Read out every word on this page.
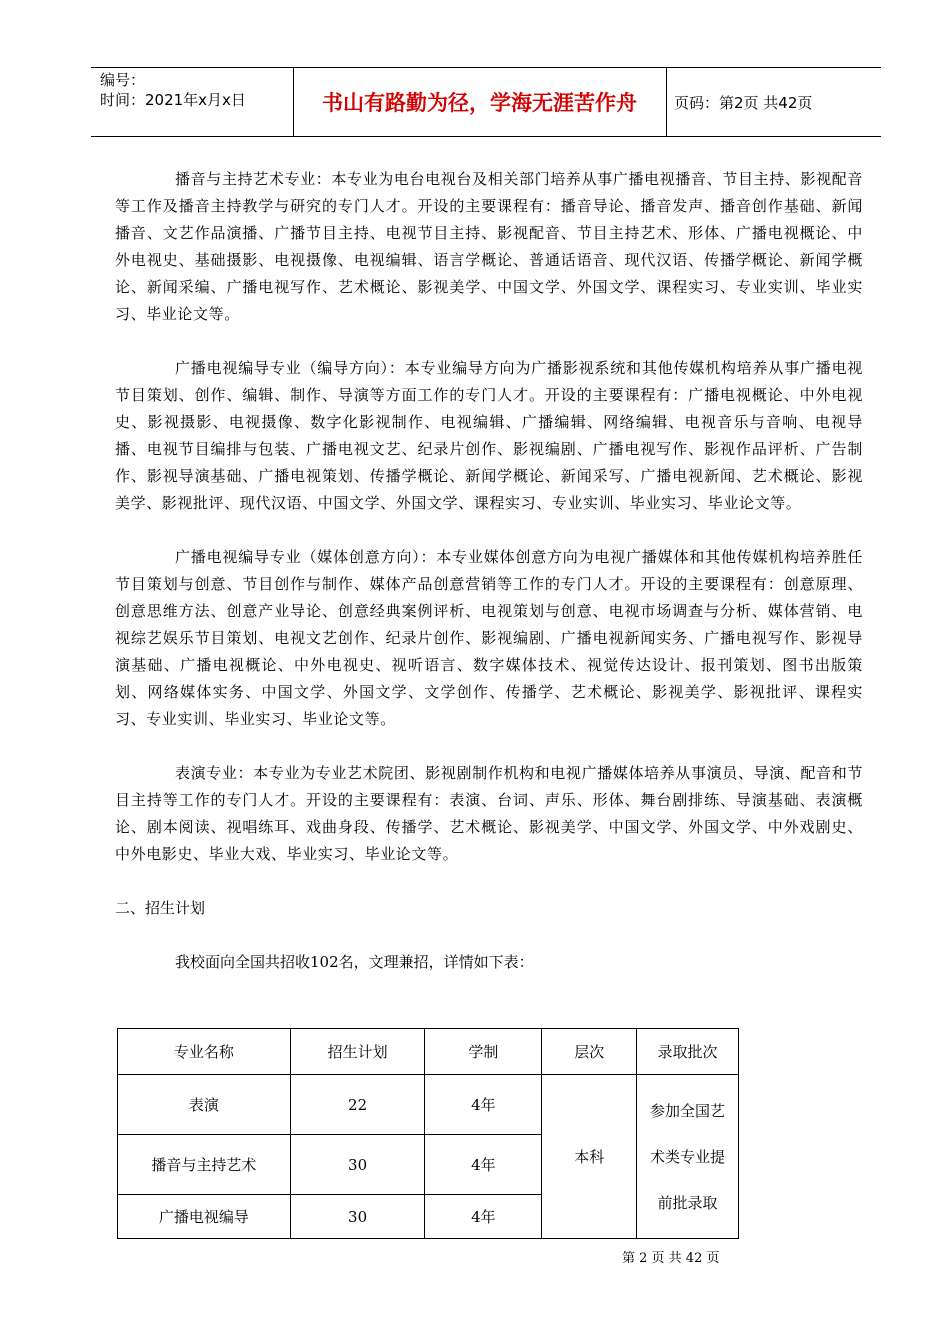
编号：
时间：2021年x月x日	书山有路勤为径，学海无涯苦作舟	页码：第2页 共42页

播音与主持艺术专业：本专业为电台电视台及相关部门培养从事广播电视播音、节目主持、影视配音等工作及播音主持教学与研究的专门人才。开设的主要课程有：播音导论、播音发声、播音创作基础、新闻播音、文艺作品演播、广播节目主持、电视节目主持、影视配音、节目主持艺术、形体、广播电视概论、中外电视史、基础摄影、电视摄像、电视编辑、语言学概论、普通话语音、现代汉语、传播学概论、新闻学概论、新闻采编、广播电视写作、艺术概论、影视美学、中国文学、外国文学、课程实习、专业实训、毕业实习、毕业论文等。

广播电视编导专业（编导方向）：本专业编导方向为广播影视系统和其他传媒机构培养从事广播电视节目策划、创作、编辑、制作、导演等方面工作的专门人才。开设的主要课程有：广播电视概论、中外电视史、影视摄影、电视摄像、数字化影视制作、电视编辑、广播编辑、网络编辑、电视音乐与音响、电视导播、电视节目编排与包装、广播电视文艺、纪录片创作、影视编剧、广播电视写作、影视作品评析、广告制作、影视导演基础、广播电视策划、传播学概论、新闻学概论、新闻采写、广播电视新闻、艺术概论、影视美学、影视批评、现代汉语、中国文学、外国文学、课程实习、专业实训、毕业实习、毕业论文等。

广播电视编导专业（媒体创意方向）：本专业媒体创意方向为电视广播媒体和其他传媒机构培养胜任节目策划与创意、节目创作与制作、媒体产品创意营销等工作的专门人才。开设的主要课程有：创意原理、创意思维方法、创意产业导论、创意经典案例评析、电视策划与创意、电视市场调查与分析、媒体营销、电视综艺娱乐节目策划、电视文艺创作、纪录片创作、影视编剧、广播电视新闻实务、广播电视写作、影视导演基础、广播电视概论、中外电视史、视听语言、数字媒体技术、视觉传达设计、报刊策划、图书出版策划、网络媒体实务、中国文学、外国文学、文学创作、传播学、艺术概论、影视美学、影视批评、课程实习、专业实训、毕业实习、毕业论文等。

表演专业：本专业为专业艺术院团、影视剧制作机构和电视广播媒体培养从事演员、导演、配音和节目主持等工作的专门人才。开设的主要课程有：表演、台词、声乐、形体、舞台剧排练、导演基础、表演概论、剧本阅读、视唱练耳、戏曲身段、传播学、艺术概论、影视美学、中国文学、外国文学、中外戏剧史、中外电影史、毕业大戏、毕业实习、毕业论文等。

二、招生计划

我校面向全国共招收102名，文理兼招，详情如下表：

专业名称	招生计划	学制	层次	录取批次
表演	22	4年	本科	参加全国艺
术类专业提
前批录取

播音与主持艺术	30	4年		
广播电视编导	30	4年		
第 2 页 共 42 页
